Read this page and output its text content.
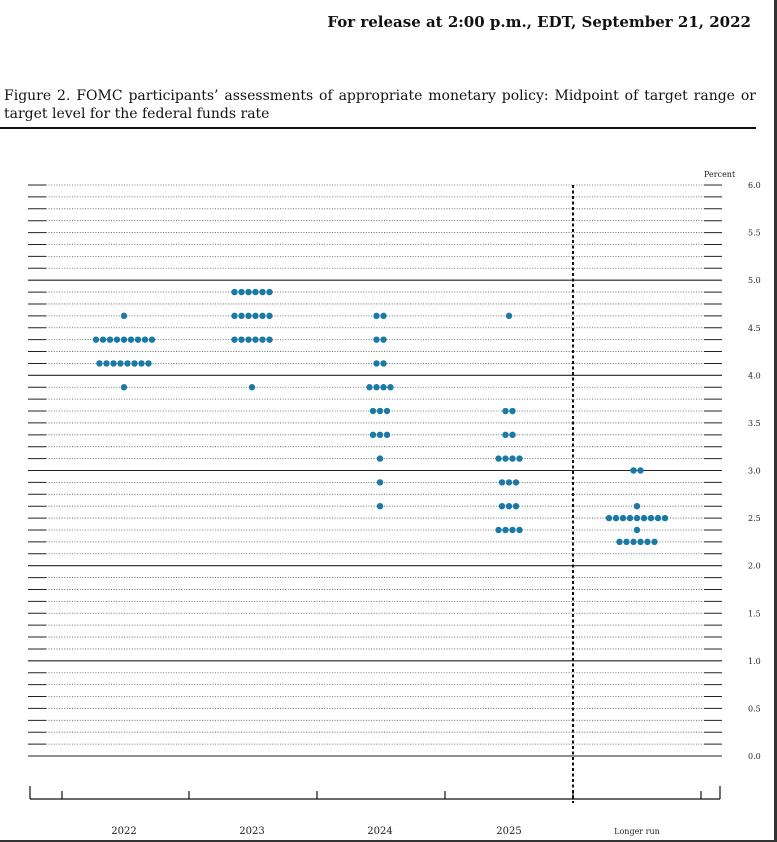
For release at 2:00 p.m., EDT, September 21, 2022
Figure 2. FOMC participants’ assessments of appropriate monetary policy: Midpoint of target range or target level for the federal funds rate
0.0
0.5
1.0
1.5
2.0
2.5
3.0
3.5
4.0
4.5
5.0
5.5
6.0
Percent
2022	2023	2024	2025	Longer run
